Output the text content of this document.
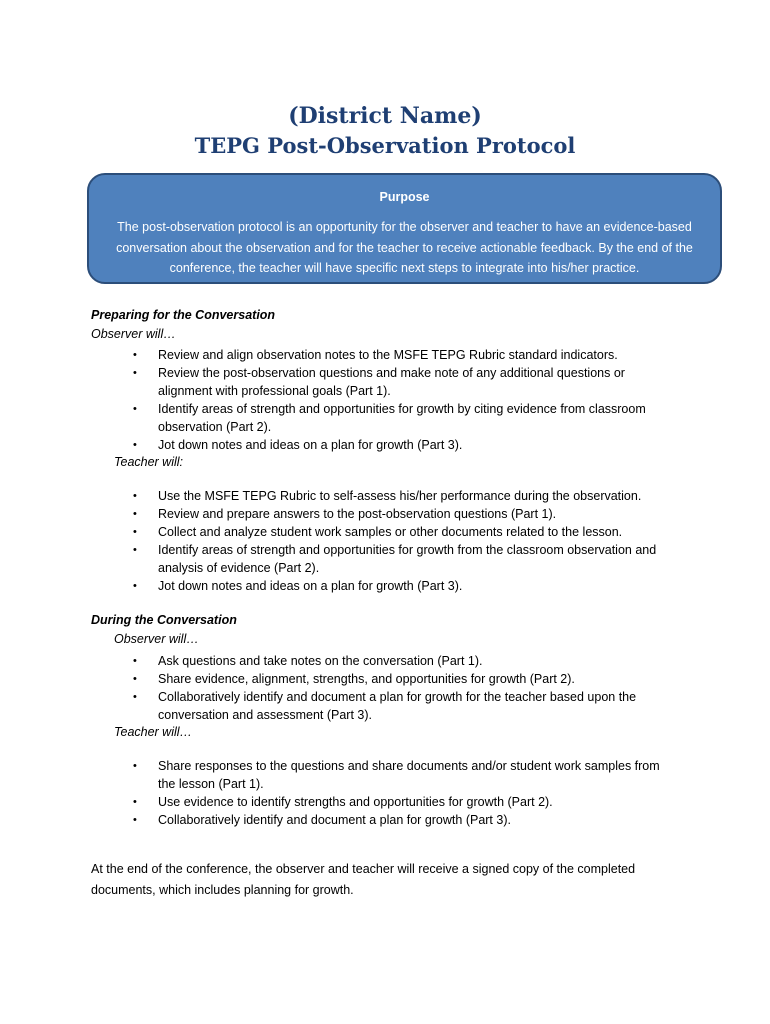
(District Name)
TEPG Post-Observation Protocol
Purpose
The post-observation protocol is an opportunity for the observer and teacher to have an evidence-based conversation about the observation and for the teacher to receive actionable feedback. By the end of the conference, the teacher will have specific next steps to integrate into his/her practice.
Preparing for the Conversation
Observer will…
• Review and align observation notes to the MSFE TEPG Rubric standard indicators.
• Review the post-observation questions and make note of any additional questions or
alignment with professional goals (Part 1).
• Identify areas of strength and opportunities for growth by citing evidence from classroom
observation (Part 2).
• Jot down notes and ideas on a plan for growth (Part 3).
Teacher will:
• Use the MSFE TEPG Rubric to self-assess his/her performance during the observation.
• Review and prepare answers to the post-observation questions (Part 1).
• Collect and analyze student work samples or other documents related to the lesson.
• Identify areas of strength and opportunities for growth from the classroom observation and
analysis of evidence (Part 2).
• Jot down notes and ideas on a plan for growth (Part 3).
During the Conversation
Observer will…
• Ask questions and take notes on the conversation (Part 1).
• Share evidence, alignment, strengths, and opportunities for growth (Part 2).
• Collaboratively identify and document a plan for growth for the teacher based upon the
conversation and assessment (Part 3).
Teacher will…
• Share responses to the questions and share documents and/or student work samples from
the lesson (Part 1).
• Use evidence to identify strengths and opportunities for growth (Part 2).
• Collaboratively identify and document a plan for growth (Part 3).
At the end of the conference, the observer and teacher will receive a signed copy of the completed documents, which includes planning for growth.
